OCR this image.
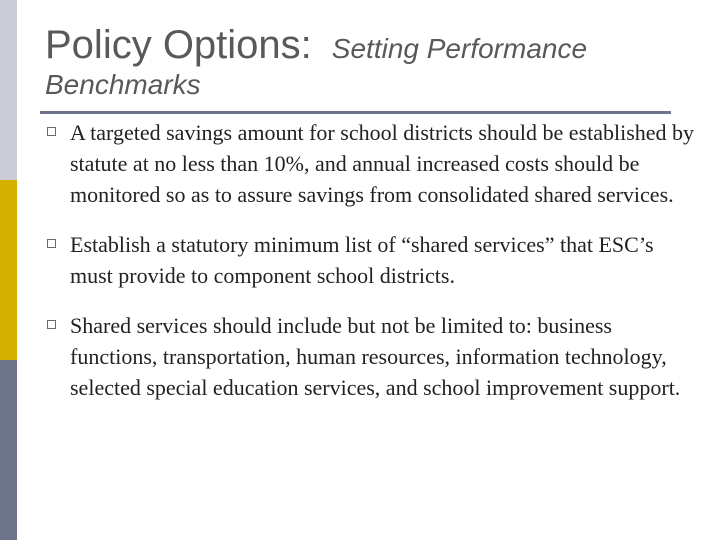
Policy Options: Setting Performance
Benchmarks
A targeted savings amount for school districts should be established by statute at no less than 10%, and annual increased costs should be monitored so as to assure savings from consolidated shared services.
Establish a statutory minimum list of “shared services” that ESC’s must provide to component school districts.
Shared services should include but not be limited to: business functions, transportation, human resources, information technology, selected special education services, and school improvement support.
